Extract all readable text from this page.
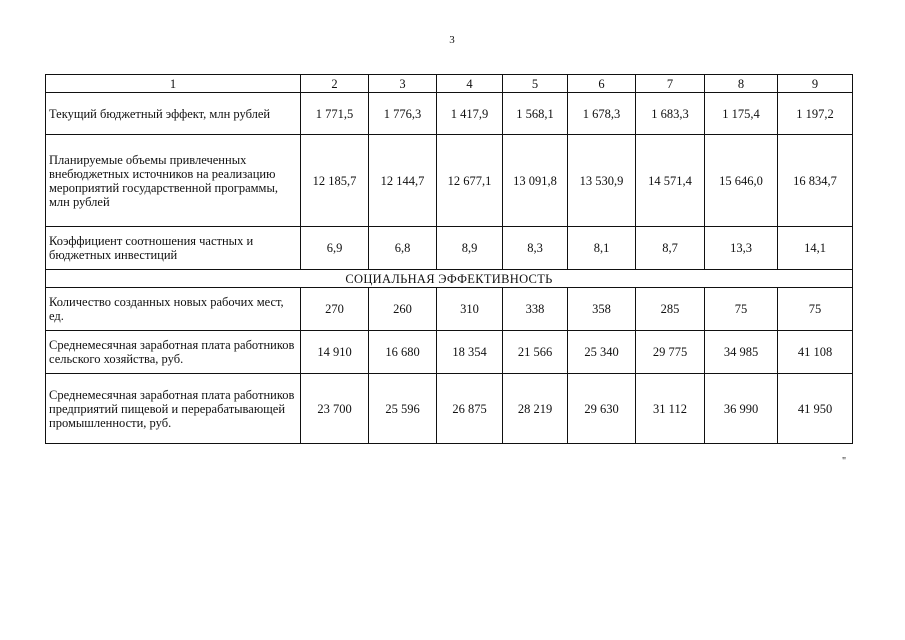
3
1	2	3	4	5	6	7	8	9
Текущий бюджетный эффект, млн рублей	1 771,5	1 776,3	1 417,9	1 568,1	1 678,3	1 683,3	1 175,4	1 197,2
Планируемые объемы привлеченных внебюджетных источников на реализацию мероприятий государственной программы, млн рублей	12 185,7	12 144,7	12 677,1	13 091,8	13 530,9	14 571,4	15 646,0	16 834,7
Коэффициент соотношения частных и бюджетных инвестиций	6,9	6,8	8,9	8,3	8,1	8,7	13,3	14,1
СОЦИАЛЬНАЯ ЭФФЕКТИВНОСТЬ								
Количество созданных новых рабочих мест, ед.	270	260	310	338	358	285	75	75
Среднемесячная заработная плата работников сельского хозяйства, руб.	14 910	16 680	18 354	21 566	25 340	29 775	34 985	41 108
Среднемесячная заработная плата работников предприятий пищевой и перерабатывающей промышленности, руб.	23 700	25 596	26 875	28 219	29 630	31 112	36 990	41 950
"
